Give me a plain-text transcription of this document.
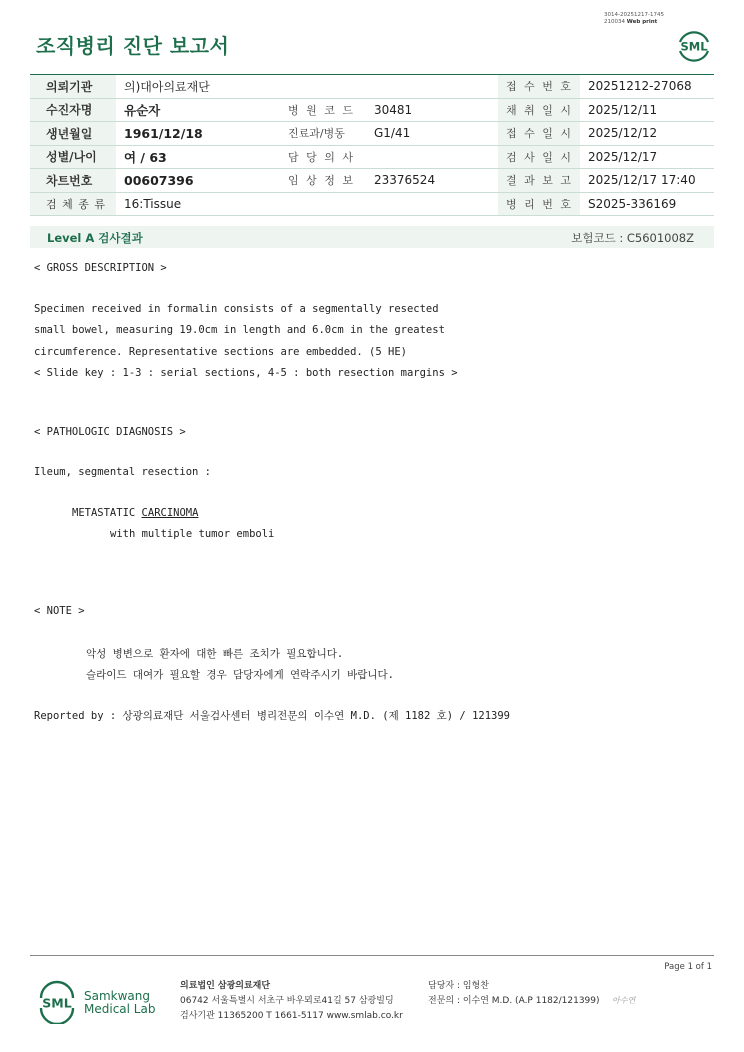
3014-20251217-1745
210034 Web print
조직병리 진단 보고서	SML
의뢰기관	의)대아의료재단			접 수 번 호	20251212-27068
수진자명	유순자	병 원 코 드	30481	채 취 일 시	2025/12/11
생년월일	1961/12/18	진료과/병동	G1/41	접 수 일 시	2025/12/12
성별/나이	여 / 63	담 당 의 사		검 사 일 시	2025/12/17
차트번호	00607396	임 상 정 보	23376524	결 과 보 고	2025/12/17 17:40
검 체 종 류	16:Tissue			병 리 번 호	S2025-336169
Level A 검사결과	보험코드 : C5601008Z
< GROSS DESCRIPTION >
Specimen received in formalin consists of a segmentally resected
small bowel, measuring 19.0cm in length and 6.0cm in the greatest
circumference. Representative sections are embedded. (5 HE)
< Slide key : 1-3 : serial sections, 4-5 : both resection margins >
< PATHOLOGIC DIAGNOSIS >
Ileum, segmental resection :
METASTATIC CARCINOMA
with multiple tumor emboli
< NOTE >
악성 병변으로 환자에 대한 빠른 조치가 필요합니다.
슬라이드 대여가 필요할 경우 담당자에게 연락주시기 바랍니다.
Reported by : 상광의료재단 서울검사센터 병리전문의 이수연 M.D. (제 1182 호) / 121399
Page 1 of 1
SML Samkwang
Medical Lab
의료법인 삼광의료재단
06742 서울특별시 서초구 바우뫼로41길 57 삼광빌딩
검사기관 11365200 T 1661-5117 www.smlab.co.kr
담당자 : 임형찬
전문의 : 이수연 M.D. (A.P 1182/121399) 아수연
